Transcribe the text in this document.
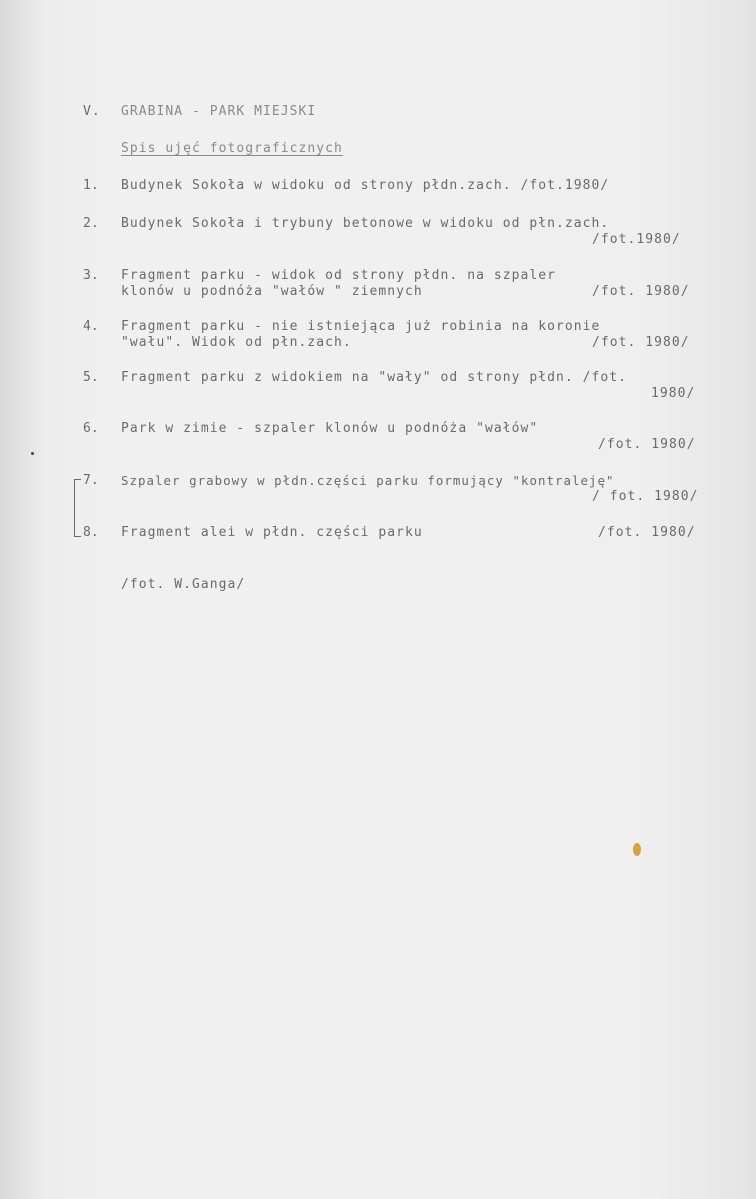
V. GRABINA - PARK MIEJSKI
Spis ujęć fotograficznych
1. Budynek Sokoła w widoku od strony płdn.zach. /fot.1980/
2. Budynek Sokoła i trybuny betonowe w widoku od płn.zach.
/fot.1980/
3. Fragment parku - widok od strony płdn. na szpaler
klonów u podnóża "wałów " ziemnych	/fot. 1980/
4. Fragment parku - nie istniejąca już robinia na koronie
"wału". Widok od płn.zach.	/fot. 1980/
5. Fragment parku z widokiem na "wały" od strony płdn. /fot.
1980/
6. Park w zimie - szpaler klonów u podnóża "wałów"
/fot. 1980/
7. Szpaler grabowy w płdn.części parku formujący "kontraleję"
/ fot. 1980/
8. Fragment alei w płdn. części parku	/fot. 1980/
/fot. W.Ganga/
